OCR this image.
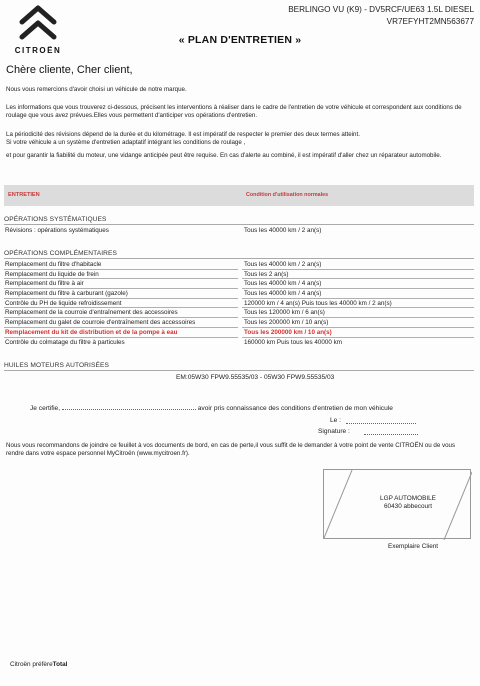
CITROËN
BERLINGO VU (K9) - DV5RCF/UE63 1.5L DIESEL
VR7EFYHT2MN563677
« PLAN D'ENTRETIEN »
Chère cliente, Cher client,
Nous vous remercions d'avoir choisi un véhicule de notre marque.
Les informations que vous trouverez ci-dessous, précisent les interventions à réaliser dans le cadre de l'entretien de votre véhicule et correspondent aux conditions de roulage que vous avez prévues.Elles vous permettent d'anticiper vos opérations d'entretien.
La périodicité des révisions dépend de la durée et du kilométrage. Il est impératif de respecter le premier des deux termes atteint.
Si votre véhicule a un système d'entretien adaptatif intégrant les conditions de roulage ,
et pour garantir la fiabilité du moteur, une vidange anticipée peut être requise. En cas d'alerte au combiné, il est impératif d'aller chez un réparateur automobile.
ENTRETIEN	Condition d'utilisation normales
OPÉRATIONS SYSTÉMATIQUES
Révisions : opérations systématiques	Tous les 40000 km / 2 an(s)
OPÉRATIONS COMPLÉMENTAIRES
Remplacement du filtre d'habitacle	Tous les 40000 km / 2 an(s)
Remplacement du liquide de frein	Tous les 2 an(s)
Remplacement du filtre à air	Tous les 40000 km / 4 an(s)
Remplacement du filtre à carburant (gazole)	Tous les 40000 km / 4 an(s)
Contrôle du PH de liquide refroidissement	120000 km / 4 an(s) Puis tous les 40000 km / 2 an(s)
Remplacement de la courroie d'entraînement des accessoires	Tous les 120000 km / 6 an(s)
Remplacement du galet de courroie d'entraînement des accessoires	Tous les 200000 km / 10 an(s)
Remplacement du kit de distribution et de la pompe à eau	Tous les 200000 km / 10 an(s)
Contrôle du colmatage du filtre à particules	160000 km Puis tous les 40000 km
HUILES MOTEURS AUTORISÉES
EM:05W30 FPW9.55535/03 - 05W30 FPW9.55535/03
Je certifie,	avoir pris connaissance des conditions d'entretien de mon véhicule
Le :
Signature :
Nous vous recommandons de joindre ce feuillet à vos documents de bord, en cas de perte,il vous suffit de le demander à votre point de vente CITROËN ou de vous rendre dans votre espace personnel MyCitroën (www.mycitroen.fr).
LGP AUTOMOBILE
60430 abbecourt
Exemplaire Client
Citroën préfèreTotal
